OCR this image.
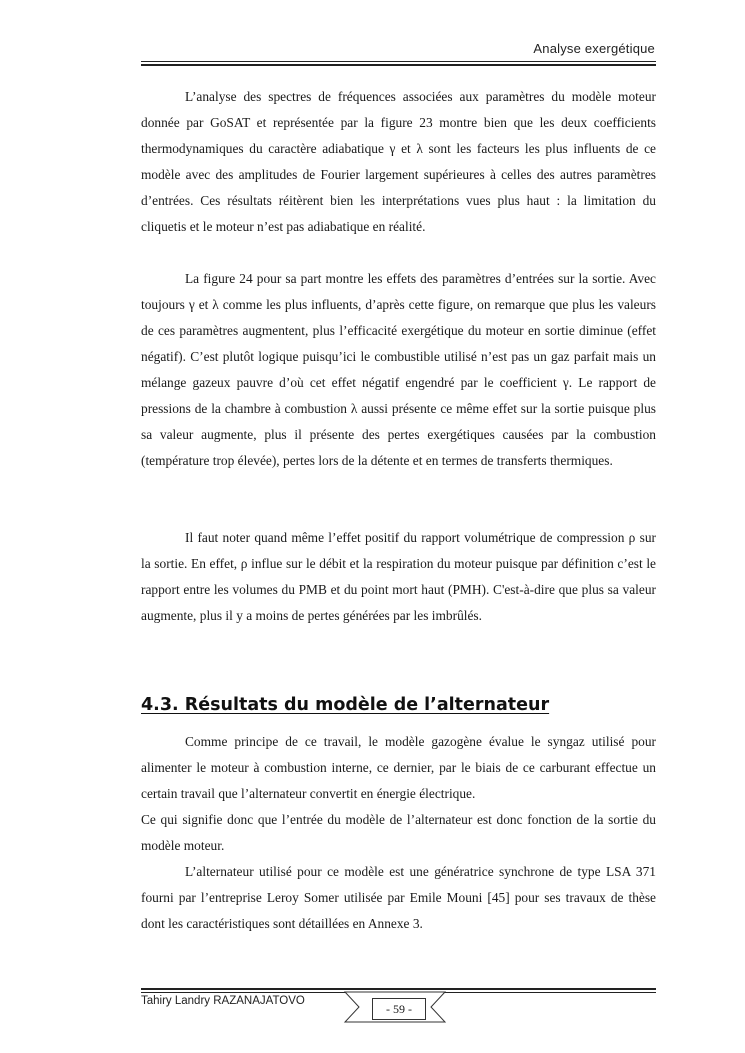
Analyse exergétique

L’analyse des spectres de fréquences associées aux paramètres du modèle moteur donnée par GoSAT et représentée par la figure 23 montre bien que les deux coefficients thermodynamiques du caractère adiabatique γ et λ sont les facteurs les plus influents de ce modèle avec des amplitudes de Fourier largement supérieures à celles des autres paramètres d’entrées. Ces résultats réitèrent bien les interprétations vues plus haut : la limitation du cliquetis et le moteur n’est pas adiabatique en réalité.

La figure 24 pour sa part montre les effets des paramètres d’entrées sur la sortie. Avec toujours γ et λ comme les plus influents, d’après cette figure, on remarque que plus les valeurs de ces paramètres augmentent, plus l’efficacité exergétique du moteur en sortie diminue (effet négatif). C’est plutôt logique puisqu’ici le combustible utilisé n’est pas un gaz parfait mais un mélange gazeux pauvre d’où cet effet négatif engendré par le coefficient γ. Le rapport de pressions de la chambre à combustion λ aussi présente ce même effet sur la sortie puisque plus sa valeur augmente, plus il présente des pertes exergétiques causées par la combustion (température trop élevée), pertes lors de la détente et en termes de transferts thermiques.

Il faut noter quand même l’effet positif du rapport volumétrique de compression ρ sur la sortie. En effet, ρ influe sur le débit et la respiration du moteur puisque par définition c’est le rapport entre les volumes du PMB et du point mort haut (PMH). C'est-à-dire que plus sa valeur augmente, plus il y a moins de pertes générées par les imbrûlés.

4.3. Résultats du modèle de l’alternateur

Comme principe de ce travail, le modèle gazogène évalue le syngaz utilisé pour alimenter le moteur à combustion interne, ce dernier, par le biais de ce carburant effectue un certain travail que l’alternateur convertit en énergie électrique.

Ce qui signifie donc que l’entrée du modèle de l’alternateur est donc fonction de la sortie du modèle moteur.

L’alternateur utilisé pour ce modèle est une génératrice synchrone de type LSA 371 fourni par l’entreprise Leroy Somer utilisée par Emile Mouni [45] pour ses travaux de thèse dont les caractéristiques sont détaillées en Annexe 3.

Tahiry Landry RAZANAJATOVO
- 59 -
